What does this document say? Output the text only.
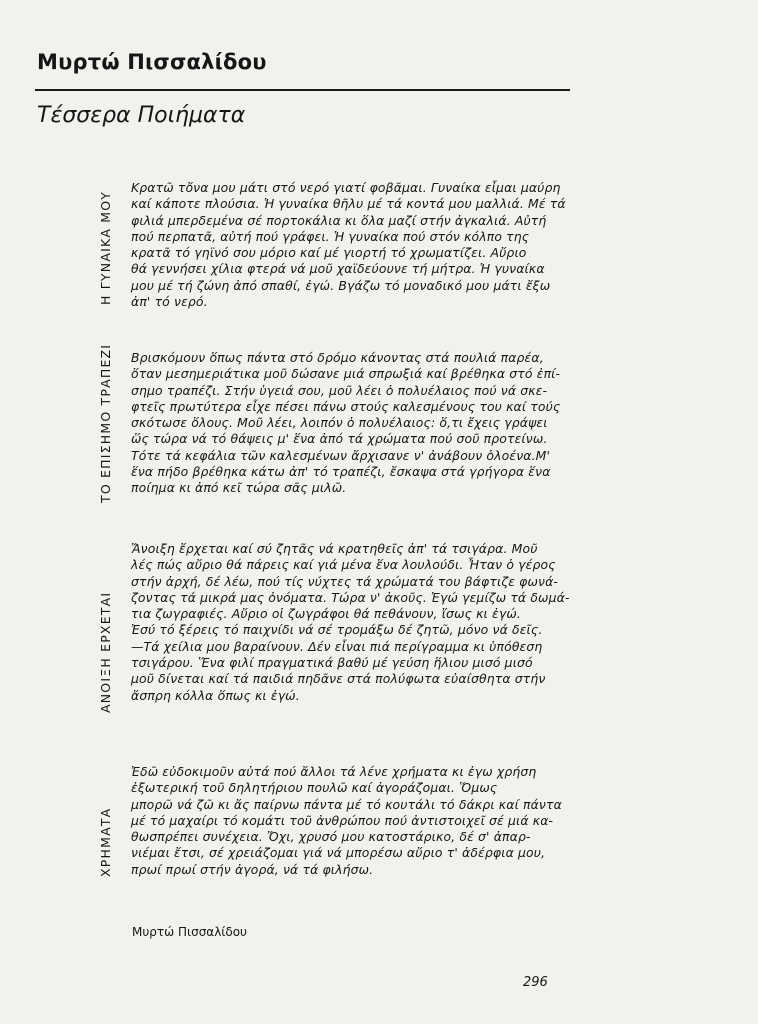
Μυρτώ Πισσαλίδου
Τέσσερα Ποιήματα
Η ΓΥΝΑΙΚΑ ΜΟΥ
Κρατῶ τὄνα μου μάτι στό νερό γιατί φοβᾶμαι. Γυναίκα εἶμαι μαύρη
καί κάποτε πλούσια. Ἡ γυναίκα θῆλυ μέ τά κοντά μου μαλλιά. Μέ τά
φιλιά μπερδεμένα σέ πορτοκάλια κι ὅλα μαζί στήν ἀγκαλιά. Αὐτή
πού περπατᾶ, αὐτή πού γράφει. Ἡ γυναίκα πού στόν κόλπο της
κρατᾶ τό γηϊνό σου μόριο καί μέ γιορτή τό χρωματίζει. Αὔριο
θά γεννήσει χίλια φτερά νά μοῦ χαϊδεύουνε τή μήτρα. Ἡ γυναίκα
μου μέ τή ζώνη ἀπό σπαθί, ἐγώ. Βγάζω τό μοναδικό μου μάτι ἔξω
ἀπ' τό νερό.
ΤΟ ΕΠΙΣΗΜΟ ΤΡΑΠΕΖΙ Βρισκόμουν ὅπως πάντα στό δρόμο κάνοντας στά πουλιά παρέα,
ὅταν μεσημεριάτικα μοῦ δώσανε μιά σπρωξιά καί βρέθηκα στό ἐπί-
σημο τραπέζι. Στήν ὑγειά σου, μοῦ λέει ὁ πολυέλαιος πού νά σκε-
φτεῖς πρωτύτερα εἶχε πέσει πάνω στούς καλεσμένους του καί τούς
σκότωσε ὅλους. Μοῦ λέει, λοιπόν ὁ πολυέλαιος: ὅ,τι ἔχεις γράψει
ὥς τώρα νά τό θάψεις μ' ἕνα ἀπό τά χρώματα πού σοῦ προτείνω.
Τότε τά κεφάλια τῶν καλεσμένων ἄρχισανε ν' ἀνάβουν ὁλοένα.Μ'
ἕνα πήδο βρέθηκα κάτω ἀπ' τό τραπέζι, ἔσκαψα στά γρήγορα ἕνα
ποίημα κι ἀπό κεῖ τώρα σᾶς μιλῶ.
ΑΝΟΙΞΗ ΕΡΧΕΤΑΙ
Ἄνοιξη ἔρχεται καί σύ ζητᾶς νά κρατηθεῖς ἀπ' τά τσιγάρα. Μοῦ
λές πώς αὔριο θά πάρεις καί γιά μένα ἕνα λουλούδι. Ἦταν ὁ γέρος
στήν ἀρχή, δέ λέω, πού τίς νύχτες τά χρώματά του βάφτιζε φωνά-
ζοντας τά μικρά μας ὀνόματα. Τώρα ν' ἀκοῦς. Ἐγώ γεμίζω τά δωμά-
τια ζωγραφιές. Αὔριο οἱ ζωγράφοι θά πεθάνουν, ἴσως κι ἐγώ.
Ἐσύ τό ξέρεις τό παιχνίδι νά σέ τρομάξω δέ ζητῶ, μόνο νά δεῖς.
—Τά χείλια μου βαραίνουν. Δέν εἶναι πιά περίγραμμα κι ὑπόθεση
τσιγάρου. Ἕνα φιλί πραγματικά βαθύ μέ γεύση ἥλιου μισό μισό
μοῦ δίνεται καί τά παιδιά πηδᾶνε στά πολύφωτα εὐαίσθητα στήν
ἄσπρη κόλλα ὅπως κι ἐγώ.
ΧΡΗΜΑΤΑ
Ἐδῶ εὐδοκιμοῦν αὐτά πού ἄλλοι τά λένε χρήματα κι ἐγω χρήση
ἐξωτερική τοῦ δηλητήριου πουλῶ καί ἀγοράζομαι. Ὅμως
μπορῶ νά ζῶ κι ἄς παίρνω πάντα μέ τό κουτάλι τό δάκρι καί πάντα
μέ τό μαχαίρι τό κομάτι τοῦ ἀνθρώπου πού ἀντιστοιχεῖ σέ μιά κα-
θωσπρέπει συνέχεια. Ὄχι, χρυσό μου κατοστάρικο, δέ σ' ἀπαρ-
νιέμαι ἔτσι, σέ χρειάζομαι γιά νά μπορέσω αὔριο τ' ἀδέρφια μου,
πρωί πρωί στήν ἀγορά, νά τά φιλήσω.
Μυρτώ Πισσαλίδου
296
